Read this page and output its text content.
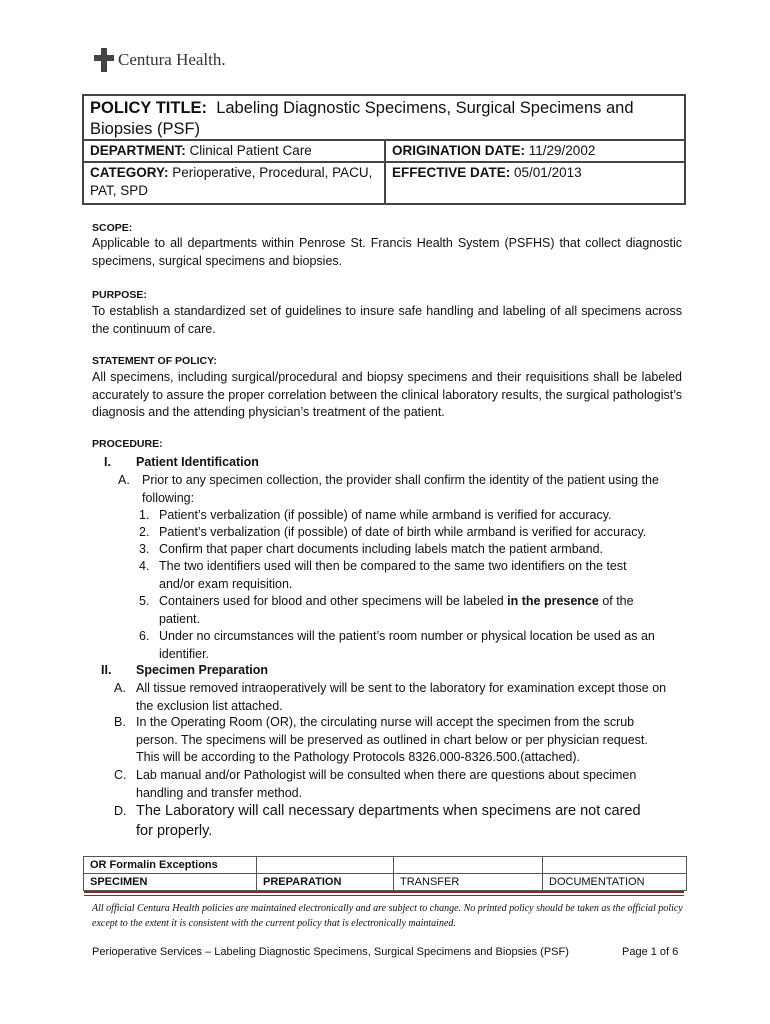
Centura Health.
POLICY TITLE: Labeling Diagnostic Specimens, Surgical Specimens and Biopsies (PSF)
DEPARTMENT: Clinical Patient Care	ORIGINATION DATE: 11/29/2002
CATEGORY: Perioperative, Procedural, PACU, PAT, SPD
EFFECTIVE DATE: 05/01/2013
SCOPE:
Applicable to all departments within Penrose St. Francis Health System (PSFHS) that collect diagnostic specimens, surgical specimens and biopsies.
PURPOSE:
To establish a standardized set of guidelines to insure safe handling and labeling of all specimens across the continuum of care.
STATEMENT OF POLICY:
All specimens, including surgical/procedural and biopsy specimens and their requisitions shall be labeled accurately to assure the proper correlation between the clinical laboratory results, the surgical pathologist’s diagnosis and the attending physician’s treatment of the patient.
PROCEDURE:
I. Patient Identification
A. Prior to any specimen collection, the provider shall confirm the identity of the patient using the following:
1. Patient’s verbalization (if possible) of name while armband is verified for accuracy.
2. Patient’s verbalization (if possible) of date of birth while armband is verified for accuracy.
3. Confirm that paper chart documents including labels match the patient armband.
4. The two identifiers used will then be compared to the same two identifiers on the test and/or exam requisition.
5. Containers used for blood and other specimens will be labeled in the presence of the patient.
6. Under no circumstances will the patient’s room number or physical location be used as an identifier.
II. Specimen Preparation
A. All tissue removed intraoperatively will be sent to the laboratory for examination except those on the exclusion list attached.
B. In the Operating Room (OR), the circulating nurse will accept the specimen from the scrub person. The specimens will be preserved as outlined in chart below or per physician request. This will be according to the Pathology Protocols 8326.000-8326.500.(attached).
C. Lab manual and/or Pathologist will be consulted when there are questions about specimen handling and transfer method.
D. The Laboratory will call necessary departments when specimens are not cared for properly.
OR Formalin Exceptions			
SPECIMEN	PREPARATION	TRANSFER	DOCUMENTATION
All official Centura Health policies are maintained electronically and are subject to change. No printed policy should be taken as the official policy except to the extent it is consistent with the current policy that is electronically maintained.
Perioperative Services – Labeling Diagnostic Specimens, Surgical Specimens and Biopsies (PSF)	Page 1 of 6
